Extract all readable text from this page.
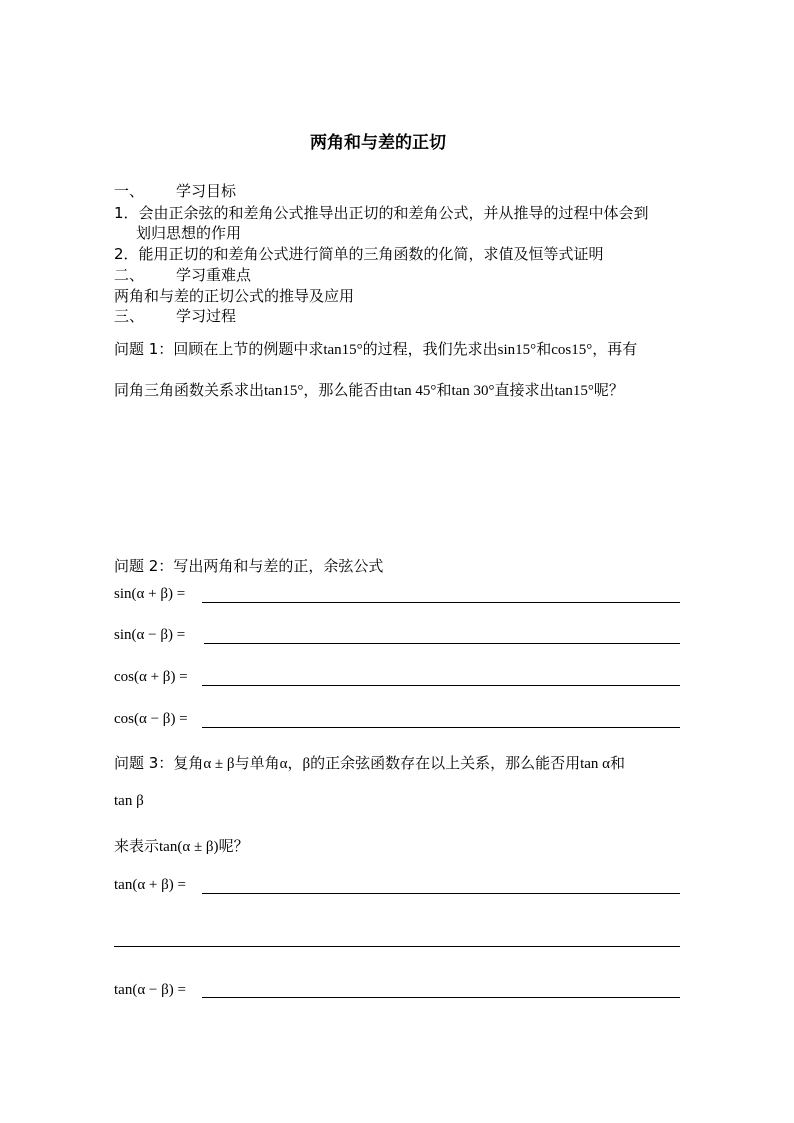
两角和与差的正切
一、 学习目标
1．会由正余弦的和差角公式推导出正切的和差角公式，并从推导的过程中体会到
划归思想的作用
2．能用正切的和差角公式进行简单的三角函数的化简，求值及恒等式证明
二、 学习重难点
两角和与差的正切公式的推导及应用
三、 学习过程
问题 1：回顾在上节的例题中求tan15°的过程，我们先求出sin15°和cos15°，再有
同角三角函数关系求出tan15°，那么能否由tan 45°和tan 30°直接求出tan15°呢？
问题 2：写出两角和与差的正，余弦公式
sin(α + β) =
sin(α − β) =
cos(α + β) =
cos(α − β) =
问题 3：复角α ± β与单角α，β的正余弦函数存在以上关系，那么能否用tan α和
tan β
来表示tan(α ± β)呢？
tan(α + β) =
tan(α − β) =
